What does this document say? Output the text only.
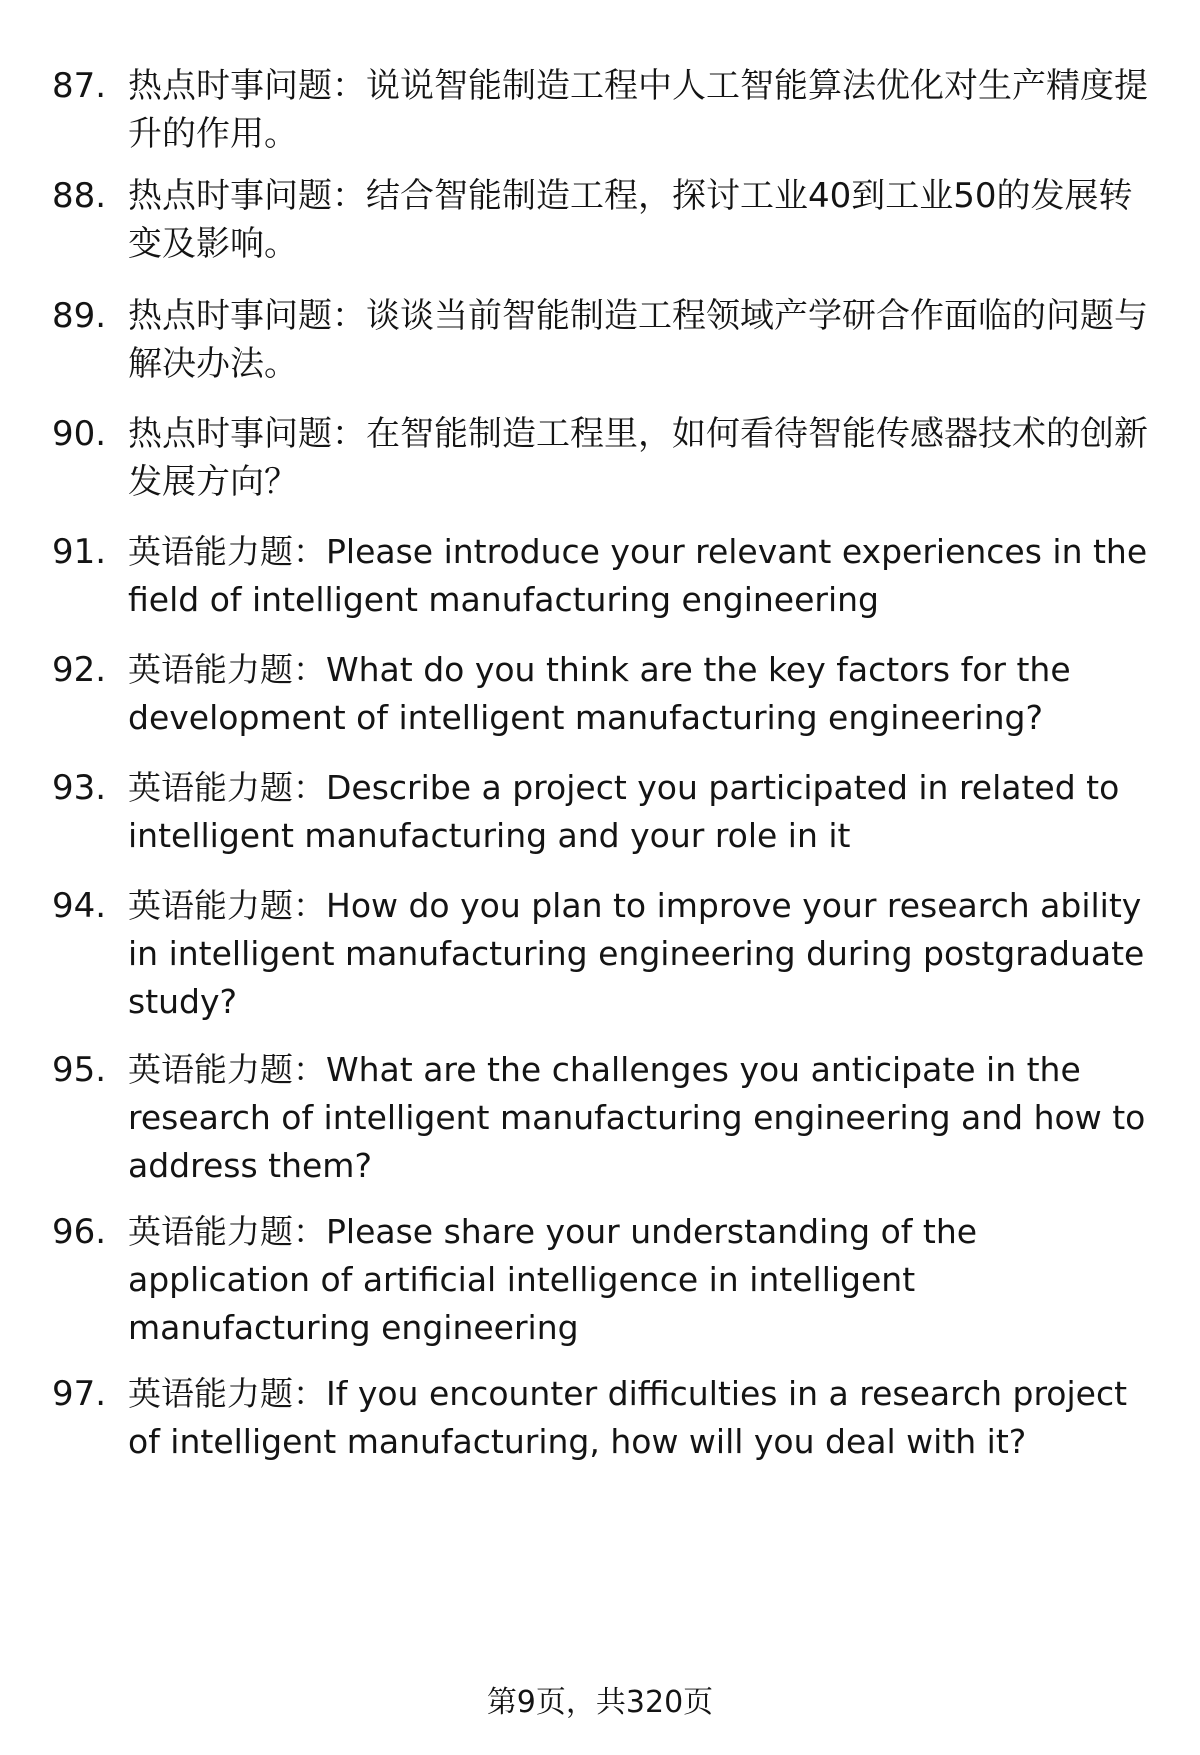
87. 热点时事问题：说说智能制造工程中人工智能算法优化对生产精度提升的作用。
88. 热点时事问题：结合智能制造工程，探讨工业40到工业50的发展转变及影响。
89. 热点时事问题：谈谈当前智能制造工程领域产学研合作面临的问题与解决办法。
90. 热点时事问题：在智能制造工程里，如何看待智能传感器技术的创新发展方向？
91. 英语能力题：Please introduce your relevant experiences in the field of intelligent manufacturing engineering
92. 英语能力题：What do you think are the key factors for the development of intelligent manufacturing engineering?
93. 英语能力题：Describe a project you participated in related to intelligent manufacturing and your role in it
94. 英语能力题：How do you plan to improve your research ability in intelligent manufacturing engineering during postgraduate study?
95. 英语能力题：What are the challenges you anticipate in the research of intelligent manufacturing engineering and how to address them?
96. 英语能力题：Please share your understanding of the application of artificial intelligence in intelligent manufacturing engineering
97. 英语能力题：If you encounter difficulties in a research project of intelligent manufacturing, how will you deal with it?
第9页，共320页
